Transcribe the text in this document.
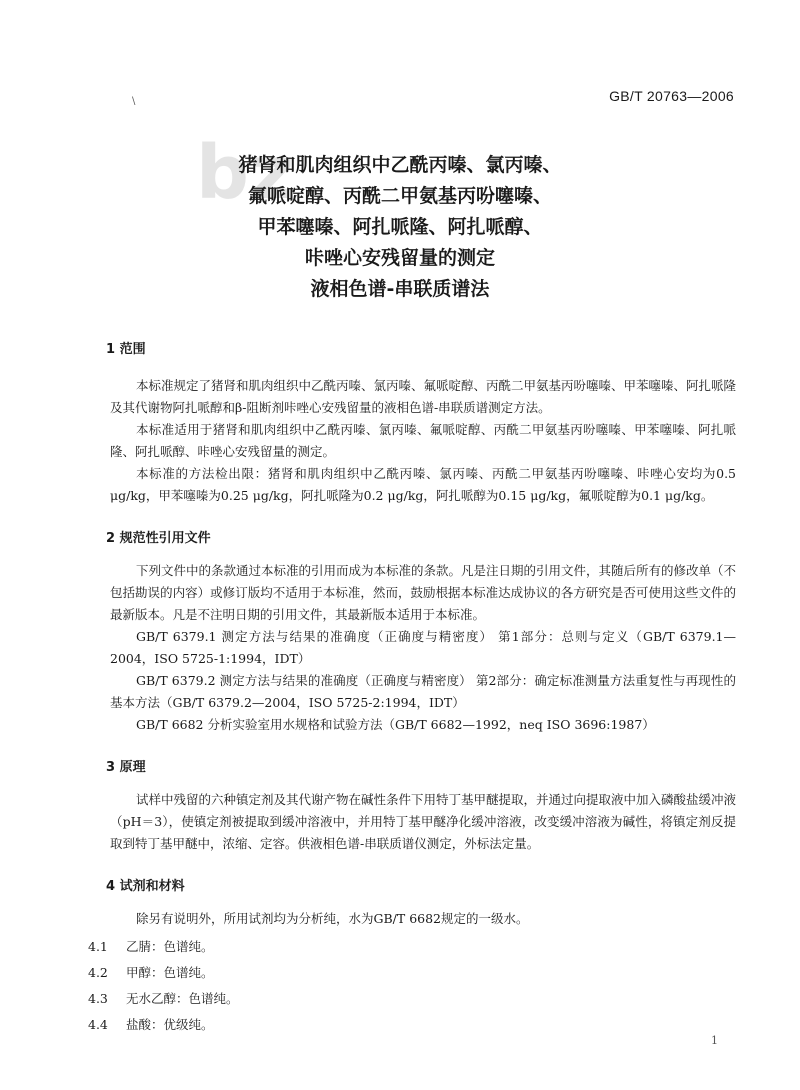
\	GB/T 20763—2006
bz
猪肾和肌肉组织中乙酰丙嗪、氯丙嗪、
氟哌啶醇、丙酰二甲氨基丙吩噻嗪、
甲苯噻嗪、阿扎哌隆、阿扎哌醇、
咔唑心安残留量的测定
液相色谱-串联质谱法
1 范围
本标准规定了猪肾和肌肉组织中乙酰丙嗪、氯丙嗪、氟哌啶醇、丙酰二甲氨基丙吩噻嗪、甲苯噻嗪、阿扎哌隆及其代谢物阿扎哌醇和β-阻断剂咔唑心安残留量的液相色谱-串联质谱测定方法。
本标准适用于猪肾和肌肉组织中乙酰丙嗪、氯丙嗪、氟哌啶醇、丙酰二甲氨基丙吩噻嗪、甲苯噻嗪、阿扎哌隆、阿扎哌醇、咔唑心安残留量的测定。
本标准的方法检出限：猪肾和肌肉组织中乙酰丙嗪、氯丙嗪、丙酰二甲氨基丙吩噻嗪、咔唑心安均为0.5 μg/kg，甲苯噻嗪为0.25 μg/kg，阿扎哌隆为0.2 μg/kg，阿扎哌醇为0.15 μg/kg，氟哌啶醇为0.1 μg/kg。
2 规范性引用文件
下列文件中的条款通过本标准的引用而成为本标准的条款。凡是注日期的引用文件，其随后所有的修改单（不包括勘误的内容）或修订版均不适用于本标准，然而，鼓励根据本标准达成协议的各方研究是否可使用这些文件的最新版本。凡是不注明日期的引用文件，其最新版本适用于本标准。
GB/T 6379.1 测定方法与结果的准确度（正确度与精密度） 第1部分：总则与定义（GB/T 6379.1—2004，ISO 5725-1:1994，IDT）
GB/T 6379.2 测定方法与结果的准确度（正确度与精密度） 第2部分：确定标准测量方法重复性与再现性的基本方法（GB/T 6379.2—2004，ISO 5725-2:1994，IDT）
GB/T 6682 分析实验室用水规格和试验方法（GB/T 6682—1992，neq ISO 3696:1987）
3 原理
试样中残留的六种镇定剂及其代谢产物在碱性条件下用特丁基甲醚提取，并通过向提取液中加入磷酸盐缓冲液（pH＝3），使镇定剂被提取到缓冲溶液中，并用特丁基甲醚净化缓冲溶液，改变缓冲溶液为碱性，将镇定剂反提取到特丁基甲醚中，浓缩、定容。供液相色谱-串联质谱仪测定，外标法定量。
4 试剂和材料
除另有说明外，所用试剂均为分析纯，水为GB/T 6682规定的一级水。
4.1 乙腈：色谱纯。
4.2 甲醇：色谱纯。
4.3 无水乙醇：色谱纯。
4.4 盐酸：优级纯。
1
